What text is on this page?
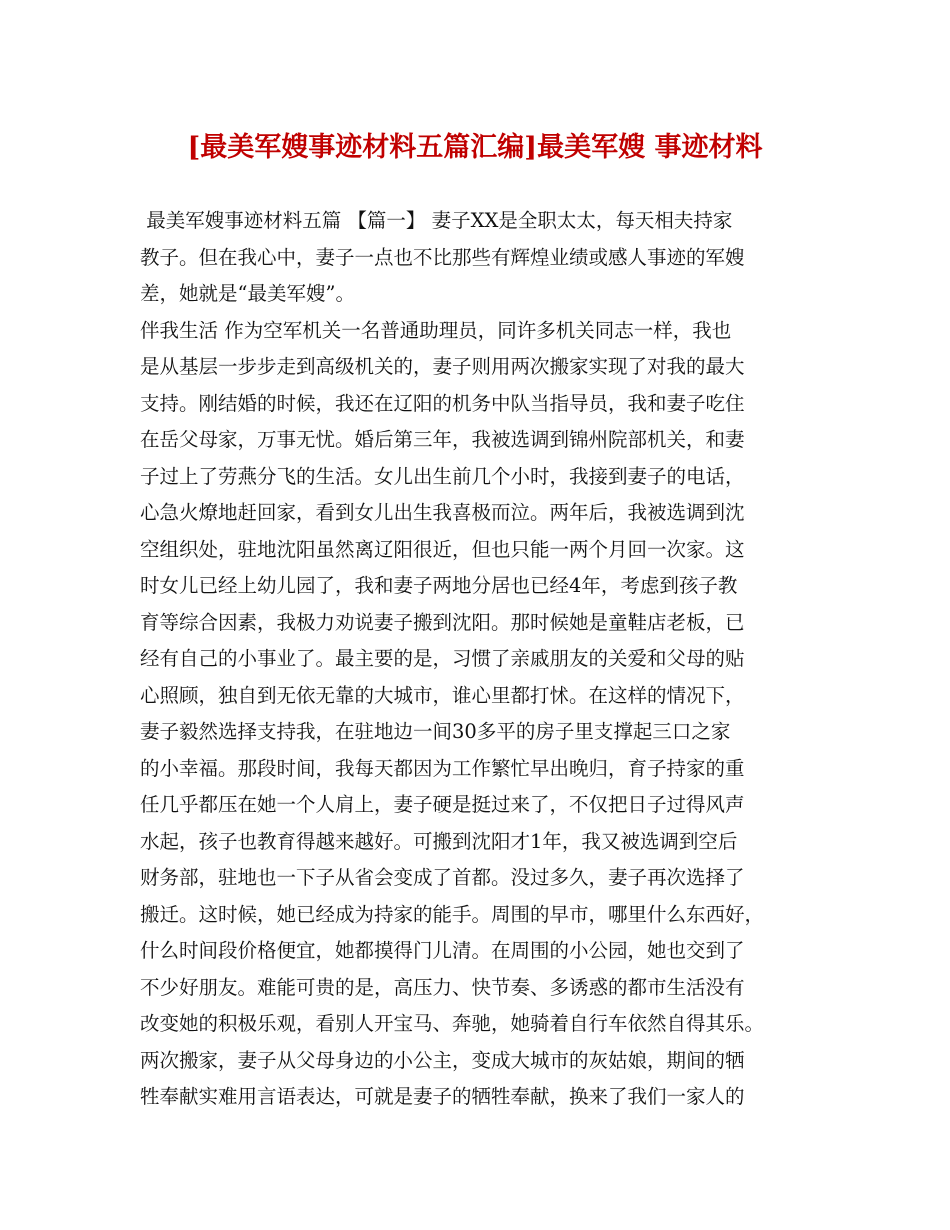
[最美军嫂事迹材料五篇汇编]最美军嫂 事迹材料
最美军嫂事迹材料五篇 【篇一】 妻子XX是全职太太，每天相夫持家
教子。但在我心中，妻子一点也不比那些有辉煌业绩或感人事迹的军嫂
差，她就是“最美军嫂”。
伴我生活 作为空军机关一名普通助理员，同许多机关同志一样，我也
是从基层一步步走到高级机关的，妻子则用两次搬家实现了对我的最大
支持。刚结婚的时候，我还在辽阳的机务中队当指导员，我和妻子吃住
在岳父母家，万事无忧。婚后第三年，我被选调到锦州院部机关，和妻
子过上了劳燕分飞的生活。女儿出生前几个小时，我接到妻子的电话，
心急火燎地赶回家，看到女儿出生我喜极而泣。两年后，我被选调到沈
空组织处，驻地沈阳虽然离辽阳很近，但也只能一两个月回一次家。这
时女儿已经上幼儿园了，我和妻子两地分居也已经4年，考虑到孩子教
育等综合因素，我极力劝说妻子搬到沈阳。那时候她是童鞋店老板，已
经有自己的小事业了。最主要的是，习惯了亲戚朋友的关爱和父母的贴
心照顾，独自到无依无靠的大城市，谁心里都打怵。在这样的情况下，
妻子毅然选择支持我，在驻地边一间30多平的房子里支撑起三口之家
的小幸福。那段时间，我每天都因为工作繁忙早出晚归，育子持家的重
任几乎都压在她一个人肩上，妻子硬是挺过来了，不仅把日子过得风声
水起，孩子也教育得越来越好。可搬到沈阳才1年，我又被选调到空后
财务部，驻地也一下子从省会变成了首都。没过多久，妻子再次选择了
搬迁。这时候，她已经成为持家的能手。周围的早市，哪里什么东西好，
什么时间段价格便宜，她都摸得门儿清。在周围的小公园，她也交到了
不少好朋友。难能可贵的是，高压力、快节奏、多诱惑的都市生活没有
改变她的积极乐观，看别人开宝马、奔驰，她骑着自行车依然自得其乐。
两次搬家，妻子从父母身边的小公主，变成大城市的灰姑娘，期间的牺
牲奉献实难用言语表达，可就是妻子的牺牲奉献，换来了我们一家人的
